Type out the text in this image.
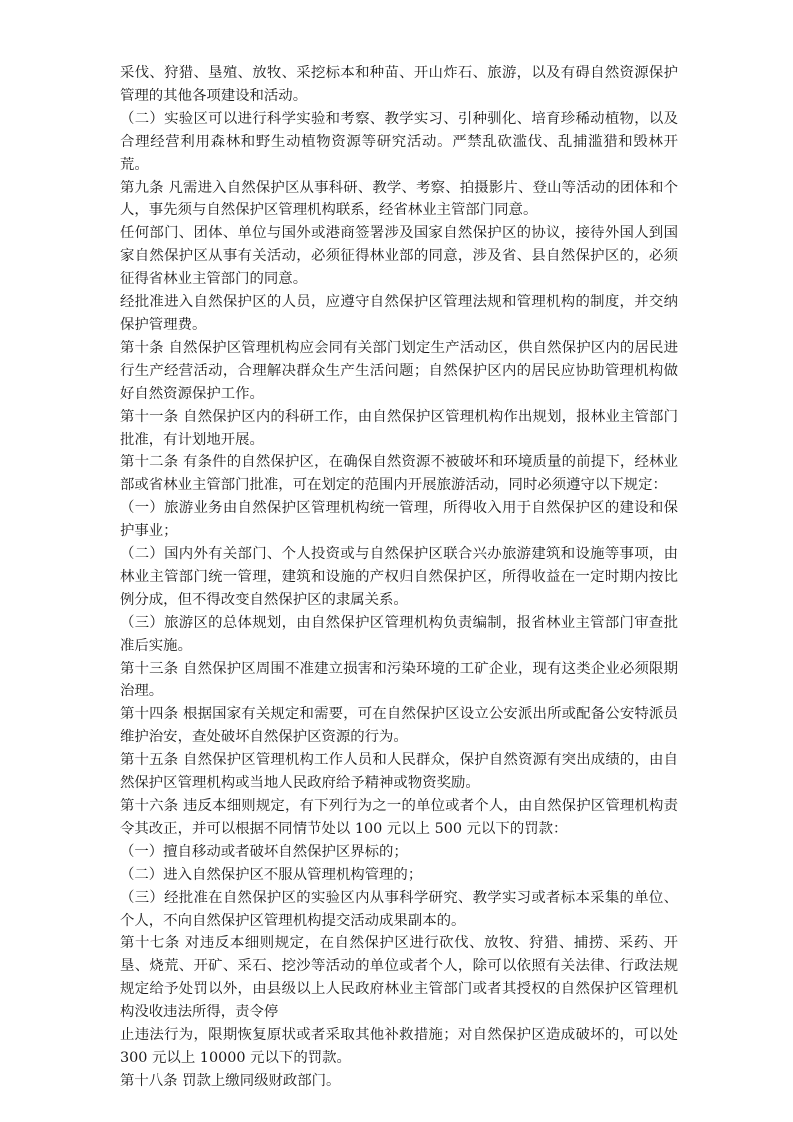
采伐、狩猎、垦殖、放牧、采挖标本和种苗、开山炸石、旅游，以及有碍自然资源保护管理的其他各项建设和活动。

（二）实验区可以进行科学实验和考察、教学实习、引种驯化、培育珍稀动植物，以及合理经营利用森林和野生动植物资源等研究活动。严禁乱砍滥伐、乱捕滥猎和毁林开荒。

第九条 凡需进入自然保护区从事科研、教学、考察、拍摄影片、登山等活动的团体和个人，事先须与自然保护区管理机构联系，经省林业主管部门同意。

任何部门、团体、单位与国外或港商签署涉及国家自然保护区的协议，接待外国人到国家自然保护区从事有关活动，必须征得林业部的同意，涉及省、县自然保护区的，必须征得省林业主管部门的同意。

经批准进入自然保护区的人员，应遵守自然保护区管理法规和管理机构的制度，并交纳保护管理费。

第十条 自然保护区管理机构应会同有关部门划定生产活动区，供自然保护区内的居民进行生产经营活动，合理解决群众生产生活问题；自然保护区内的居民应协助管理机构做好自然资源保护工作。

第十一条 自然保护区内的科研工作，由自然保护区管理机构作出规划，报林业主管部门批准，有计划地开展。

第十二条 有条件的自然保护区，在确保自然资源不被破坏和环境质量的前提下，经林业部或省林业主管部门批准，可在划定的范围内开展旅游活动，同时必须遵守以下规定：

（一）旅游业务由自然保护区管理机构统一管理，所得收入用于自然保护区的建设和保护事业；

（二）国内外有关部门、个人投资或与自然保护区联合兴办旅游建筑和设施等事项，由林业主管部门统一管理，建筑和设施的产权归自然保护区，所得收益在一定时期内按比例分成，但不得改变自然保护区的隶属关系。

（三）旅游区的总体规划，由自然保护区管理机构负责编制，报省林业主管部门审查批准后实施。

第十三条 自然保护区周围不准建立损害和污染环境的工矿企业，现有这类企业必须限期治理。

第十四条 根据国家有关规定和需要，可在自然保护区设立公安派出所或配备公安特派员维护治安，查处破坏自然保护区资源的行为。

第十五条 自然保护区管理机构工作人员和人民群众，保护自然资源有突出成绩的，由自然保护区管理机构或当地人民政府给予精神或物资奖励。

第十六条 违反本细则规定，有下列行为之一的单位或者个人，由自然保护区管理机构责令其改正，并可以根据不同情节处以 100 元以上 500 元以下的罚款：

（一）擅自移动或者破坏自然保护区界标的；

（二）进入自然保护区不服从管理机构管理的；

（三）经批准在自然保护区的实验区内从事科学研究、教学实习或者标本采集的单位、个人，不向自然保护区管理机构提交活动成果副本的。

第十七条 对违反本细则规定，在自然保护区进行砍伐、放牧、狩猎、捕捞、采药、开垦、烧荒、开矿、采石、挖沙等活动的单位或者个人，除可以依照有关法律、行政法规规定给予处罚以外，由县级以上人民政府林业主管部门或者其授权的自然保护区管理机构没收违法所得，责令停

止违法行为，限期恢复原状或者采取其他补救措施；对自然保护区造成破坏的，可以处 300 元以上 10000 元以下的罚款。

第十八条 罚款上缴同级财政部门。
